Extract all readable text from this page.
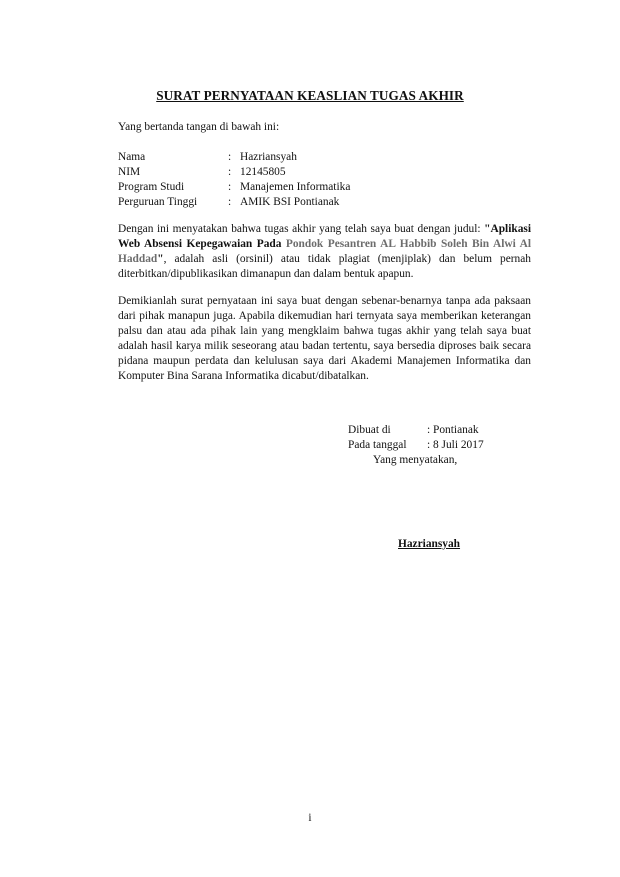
SURAT PERNYATAAN KEASLIAN TUGAS AKHIR
Yang bertanda tangan di bawah ini:
Nama	: Hazriansyah
NIM	: 12145805
Program Studi	: Manajemen Informatika
Perguruan Tinggi	: AMIK BSI Pontianak
Dengan ini menyatakan bahwa tugas akhir yang telah saya buat dengan judul: "Aplikasi Web Absensi Kepegawaian Pada Pondok Pesantren AL Habbib Soleh Bin Alwi Al Haddad", adalah asli (orsinil) atau tidak plagiat (menjiplak) dan belum pernah diterbitkan/dipublikasikan dimanapun dan dalam bentuk apapun.
Demikianlah surat pernyataan ini saya buat dengan sebenar-benarnya tanpa ada paksaan dari pihak manapun juga. Apabila dikemudian hari ternyata saya memberikan keterangan palsu dan atau ada pihak lain yang mengklaim bahwa tugas akhir yang telah saya buat adalah hasil karya milik seseorang atau badan tertentu, saya bersedia diproses baik secara pidana maupun perdata dan kelulusan saya dari Akademi Manajemen Informatika dan Komputer Bina Sarana Informatika dicabut/dibatalkan.
Dibuat di	: Pontianak
Pada tanggal : 8 Juli 2017
Yang menyatakan,
Hazriansyah
i
